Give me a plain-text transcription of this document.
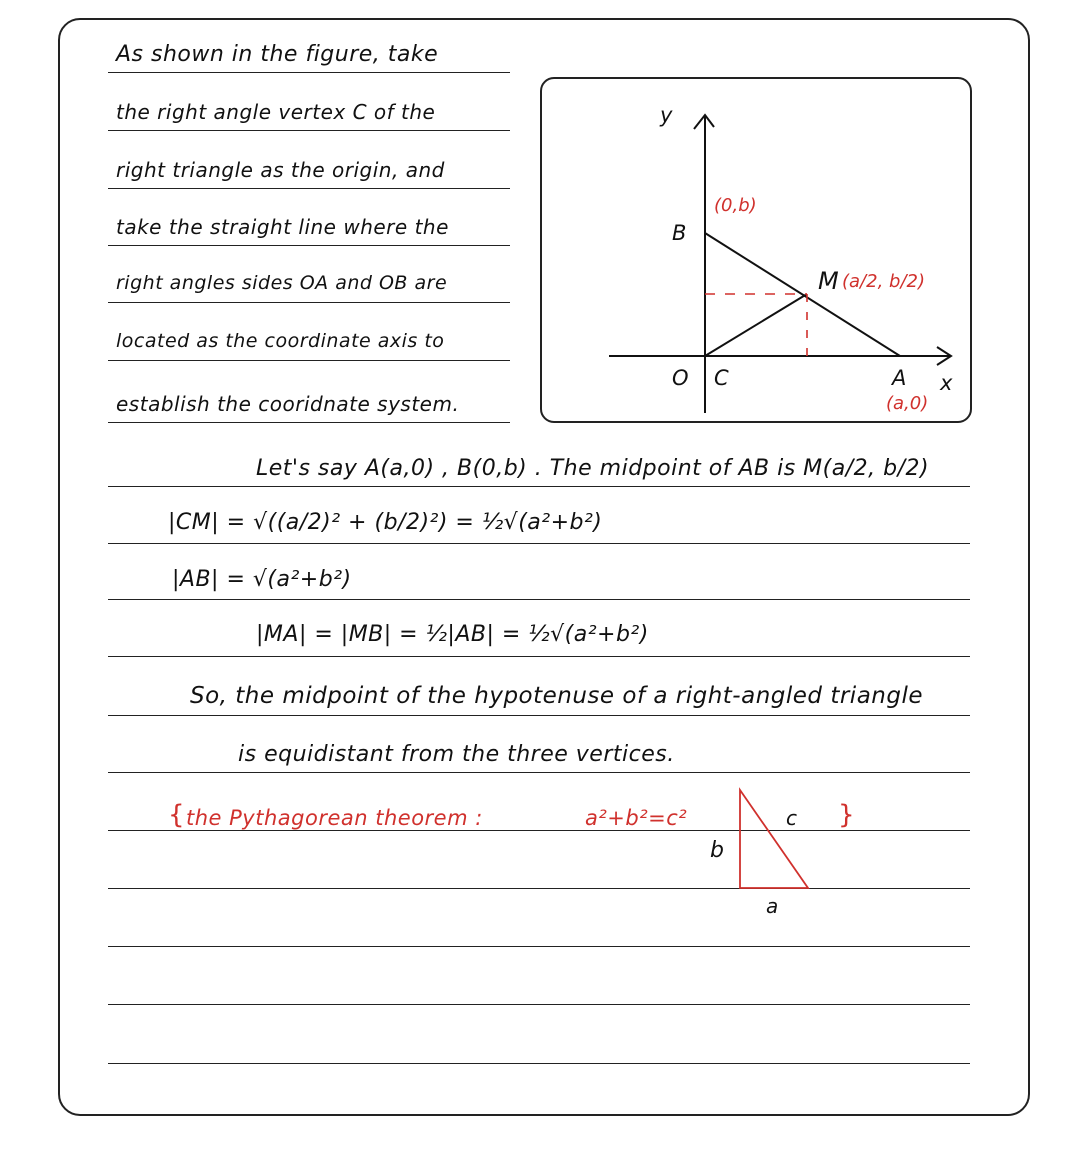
As shown in the figure, take
the right angle vertex C of the
right triangle as the origin, and
take the straight line where the
right angles sides OA and OB are
located as the coordinate axis to
establish the cooridnate system.
y
(0,b)
B
M (a/2, b/2)
O C	A x
(a,0)
Let's say A(a,0) , B(0,b) . The midpoint of AB is M(a/2, b/2)
|CM| = √((a/2)² + (b/2)²) = ½√(a²+b²)
|AB| = √(a²+b²)
|MA| = |MB| = ½|AB| = ½√(a²+b²)
So, the midpoint of the hypotenuse of a right-angled triangle
is equidistant from the three vertices.
{ the Pythagorean theorem :	a²+b²=c²	}
b
c
a
